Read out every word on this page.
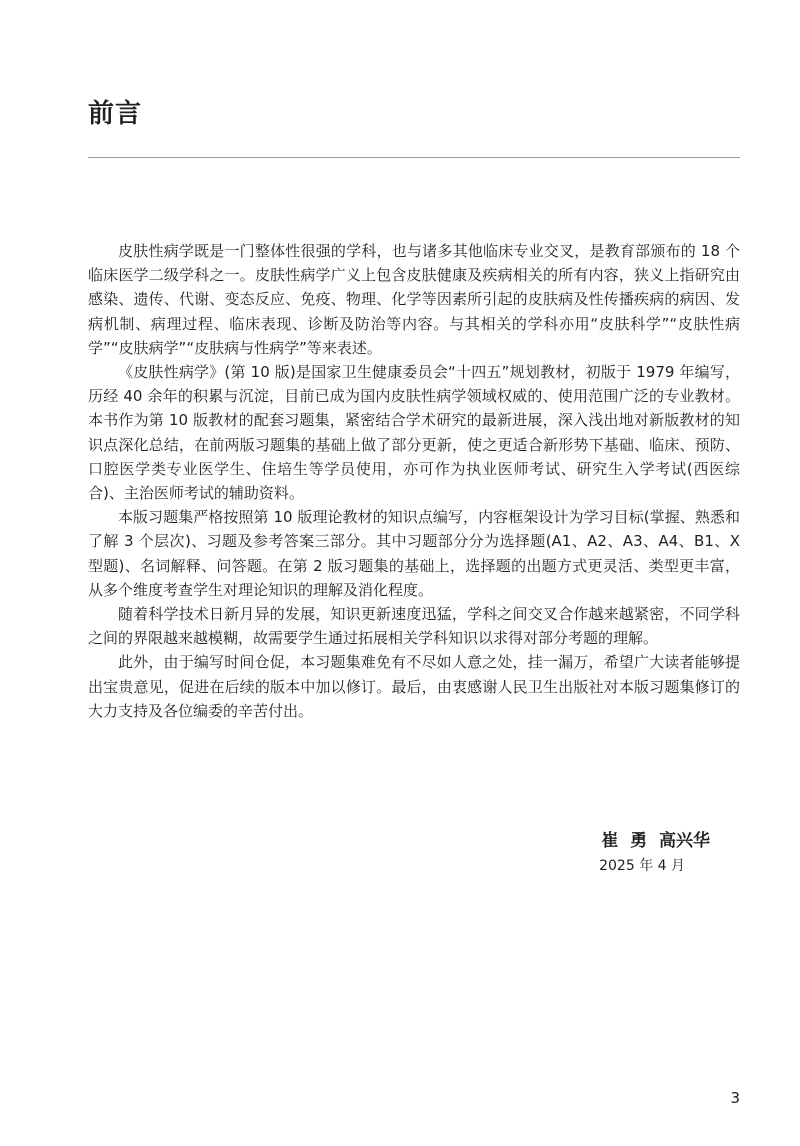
前言

皮肤性病学既是一门整体性很强的学科，也与诸多其他临床专业交叉，是教育部颁布的 18 个临床医学二级学科之一。皮肤性病学广义上包含皮肤健康及疾病相关的所有内容，狭义上指研究由感染、遗传、代谢、变态反应、免疫、物理、化学等因素所引起的皮肤病及性传播疾病的病因、发病机制、病理过程、临床表现、诊断及防治等内容。与其相关的学科亦用“皮肤科学”“皮肤性病学”“皮肤病学”“皮肤病与性病学”等来表述。

《皮肤性病学》(第 10 版)是国家卫生健康委员会“十四五”规划教材，初版于 1979 年编写，历经 40 余年的积累与沉淀，目前已成为国内皮肤性病学领域权威的、使用范围广泛的专业教材。本书作为第 10 版教材的配套习题集，紧密结合学术研究的最新进展，深入浅出地对新版教材的知识点深化总结，在前两版习题集的基础上做了部分更新，使之更适合新形势下基础、临床、预防、口腔医学类专业医学生、住培生等学员使用，亦可作为执业医师考试、研究生入学考试(西医综合)、主治医师考试的辅助资料。

本版习题集严格按照第 10 版理论教材的知识点编写，内容框架设计为学习目标(掌握、熟悉和了解 3 个层次)、习题及参考答案三部分。其中习题部分分为选择题(A1、A2、A3、A4、B1、X 型题)、名词解释、问答题。在第 2 版习题集的基础上，选择题的出题方式更灵活、类型更丰富，从多个维度考查学生对理论知识的理解及消化程度。

随着科学技术日新月异的发展，知识更新速度迅猛，学科之间交叉合作越来越紧密，不同学科之间的界限越来越模糊，故需要学生通过拓展相关学科知识以求得对部分考题的理解。

此外，由于编写时间仓促，本习题集难免有不尽如人意之处，挂一漏万，希望广大读者能够提出宝贵意见，促进在后续的版本中加以修订。最后，由衷感谢人民卫生出版社对本版习题集修订的大力支持及各位编委的辛苦付出。

崔  勇  高兴华
2025 年 4 月
3
